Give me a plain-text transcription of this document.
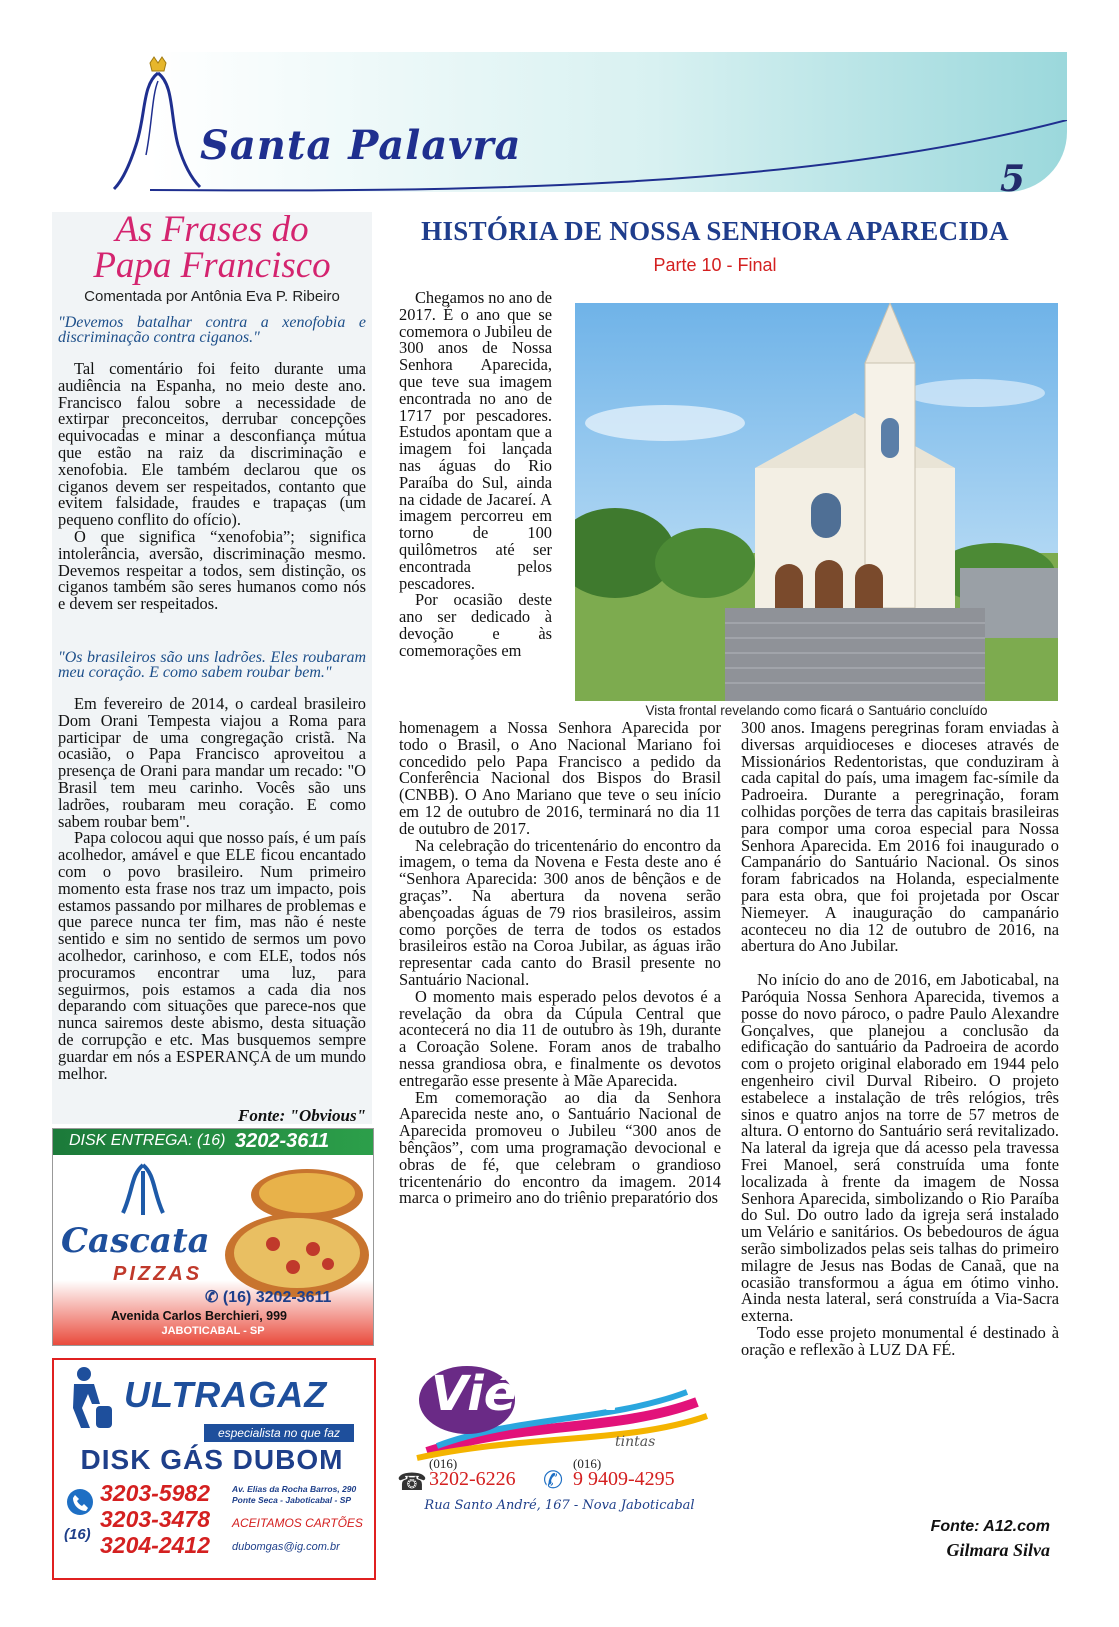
Santa Palavra
5
As Frases do
Papa Francisco
Comentada por Antônia Eva P. Ribeiro
"Devemos batalhar contra a xenofobia e discriminação contra ciganos."

Tal comentário foi feito durante uma audiência na Espanha, no meio deste ano. Francisco falou sobre a necessidade de extirpar preconceitos, derrubar concepções equivocadas e minar a desconfiança mútua que estão na raiz da discriminação e xenofobia. Ele também declarou que os ciganos devem ser respeitados, contanto que evitem falsidade, fraudes e trapaças (um pequeno conflito do ofício).

O que significa “xenofobia”; significa intolerância, aversão, discriminação mesmo. Devemos respeitar a todos, sem distinção, os ciganos também são seres humanos como nós e devem ser respeitados.

"Os brasileiros são uns ladrões. Eles roubaram meu coração. E como sabem roubar bem."

Em fevereiro de 2014, o cardeal brasileiro Dom Orani Tempesta viajou a Roma para participar de uma congregação cristã. Na ocasião, o Papa Francisco aproveitou a presença de Orani para mandar um recado: "O Brasil tem meu carinho. Vocês são uns ladrões, roubaram meu coração. E como sabem roubar bem".

Papa colocou aqui que nosso país, é um país acolhedor, amável e que ELE ficou encantado com o povo brasileiro. Num primeiro momento esta frase nos traz um impacto, pois estamos passando por milhares de problemas e que parece nunca ter fim, mas não é neste sentido e sim no sentido de sermos um povo acolhedor, carinhoso, e com ELE, todos nós procuramos encontrar uma luz, para seguirmos, pois estamos a cada dia nos deparando com situações que parece-nos que nunca sairemos deste abismo, desta situação de corrupção e etc. Mas busquemos sempre guardar em nós a ESPERANÇA de um mundo melhor.

Fonte: "Obvious"
HISTÓRIA DE NOSSA SENHORA APARECIDA
Parte 10 - Final

Chegamos no ano de 2017. É o ano que se comemora o Jubileu de 300 anos de Nossa Senhora Aparecida, que teve sua imagem encontrada no ano de 1717 por pescadores. Estudos apontam que a imagem foi lançada nas águas do Rio Paraíba do Sul, ainda na cidade de Jacareí. A imagem percorreu em torno de 100 quilômetros até ser encontrada pelos pescadores.

Por ocasião deste ano ser dedicado à devoção e às comemorações em

Vista frontal revelando como ficará o Santuário concluído
homenagem a Nossa Senhora Aparecida por todo o Brasil, o Ano Nacional Mariano foi concedido pelo Papa Francisco a pedido da Conferência Nacional dos Bispos do Brasil (CNBB). O Ano Mariano que teve o seu início em 12 de outubro de 2016, terminará no dia 11 de outubro de 2017.

Na celebração do tricentenário do encontro da imagem, o tema da Novena e Festa deste ano é “Senhora Aparecida: 300 anos de bênçãos e de graças”. Na abertura da novena serão abençoadas águas de 79 rios brasileiros, assim como porções de terra de todos os estados brasileiros estão na Coroa Jubilar, as águas irão representar cada canto do Brasil presente no Santuário Nacional.

O momento mais esperado pelos devotos é a revelação da obra da Cúpula Central que acontecerá no dia 11 de outubro às 19h, durante a Coroação Solene. Foram anos de trabalho nessa grandiosa obra, e finalmente os devotos entregarão esse presente à Mãe Aparecida.

Em comemoração ao dia da Senhora Aparecida neste ano, o Santuário Nacional de Aparecida promoveu o Jubileu “300 anos de bênçãos”, com uma programação devocional e obras de fé, que celebram o grandioso tricentenário do encontro da imagem. 2014 marca o primeiro ano do triênio preparatório dos

300 anos. Imagens peregrinas foram enviadas à diversas arquidioceses e dioceses através de Missionários Redentoristas, que conduziram à cada capital do país, uma imagem fac-símile da Padroeira. Durante a peregrinação, foram colhidas porções de terra das capitais brasileiras para compor uma coroa especial para Nossa Senhora Aparecida. Em 2016 foi inaugurado o Campanário do Santuário Nacional. Os sinos foram fabricados na Holanda, especialmente para esta obra, que foi projetada por Oscar Niemeyer. A inauguração do campanário aconteceu no dia 12 de outubro de 2016, na abertura do Ano Jubilar.

No início do ano de 2016, em Jaboticabal, na Paróquia Nossa Senhora Aparecida, tivemos a posse do novo pároco, o padre Paulo Alexandre Gonçalves, que planejou a conclusão da edificação do santuário da Padroeira de acordo com o projeto original elaborado em 1944 pelo engenheiro civil Durval Ribeiro. O projeto estabelece a instalação de três relógios, três sinos e quatro anjos na torre de 57 metros de altura. O entorno do Santuário será revitalizado. Na lateral da igreja que dá acesso pela travessa Frei Manoel, será construída uma fonte localizada à frente da imagem de Nossa Senhora Aparecida, simbolizando o Rio Paraíba do Sul. Do outro lado da igreja será instalado um Velário e sanitários. Os bebedouros de água serão simbolizados pelas seis talhas do primeiro milagre de Jesus nas Bodas de Canaã, que na ocasião transformou a água em ótimo vinho. Ainda nesta lateral, será construída a Via-Sacra externa.

Todo esse projeto monumental é destinado à oração e reflexão à LUZ DA FÉ.

Fonte: A12.com
Gilmara Silva
DISK ENTREGA: (16) 3202-3611
Cascata
PIZZAS
✆ (16) 3202-3611
Avenida Carlos Berchieri, 999
JABOTICABAL - SP
ULTRAGAZ
especialista no que faz
DISK GÁS DUBOM
(16)
3203-5982
3203-3478
3204-2412
Av. Elias da Rocha Barros, 290
Ponte Seca - Jaboticabal - SP
ACEITAMOS CARTÕES
dubomgas@ig.com.br
Viézzer
tintas
☎
(016)
3202-6226 ✆
(016)
9 9409-4295
Rua Santo André, 167 - Nova Jaboticabal
